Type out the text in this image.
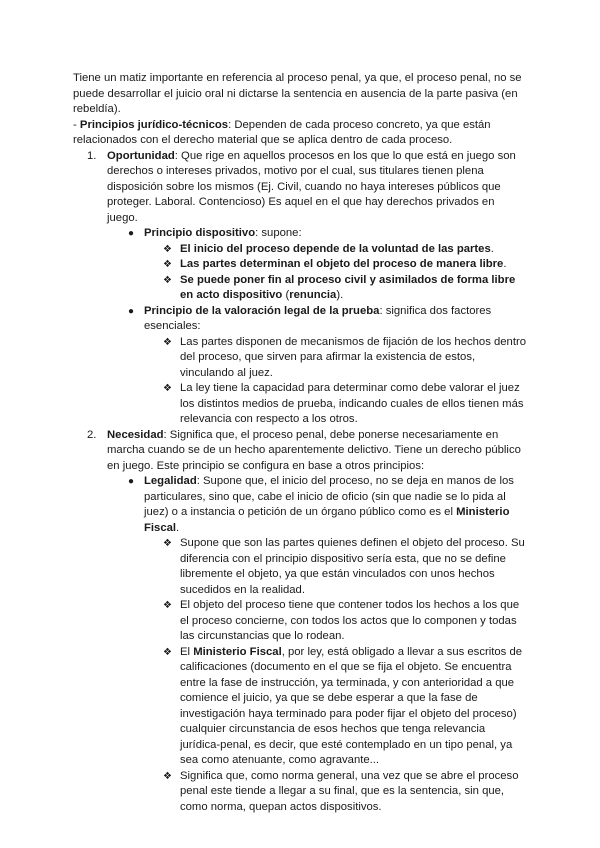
Tiene un matiz importante en referencia al proceso penal, ya que, el proceso penal, no se puede desarrollar el juicio oral ni dictarse la sentencia en ausencia de la parte pasiva (en rebeldía).

- Principios jurídico-técnicos: Dependen de cada proceso concreto, ya que están relacionados con el derecho material que se aplica dentro de cada proceso.

1. Oportunidad: Que rige en aquellos procesos en los que lo que está en juego son derechos o intereses privados, motivo por el cual, sus titulares tienen plena disposición sobre los mismos (Ej. Civil, cuando no haya intereses públicos que proteger. Laboral. Contencioso) Es aquel en el que hay derechos privados en juego.

● Principio dispositivo: supone:

❖ El inicio del proceso depende de la voluntad de las partes.

❖ Las partes determinan el objeto del proceso de manera libre.

❖ Se puede poner fin al proceso civil y asimilados de forma libre en acto dispositivo (renuncia).

● Principio de la valoración legal de la prueba: significa dos factores esenciales:

❖ Las partes disponen de mecanismos de fijación de los hechos dentro del proceso, que sirven para afirmar la existencia de estos, vinculando al juez.

❖ La ley tiene la capacidad para determinar como debe valorar el juez los distintos medios de prueba, indicando cuales de ellos tienen más relevancia con respecto a los otros.

2. Necesidad: Significa que, el proceso penal, debe ponerse necesariamente en marcha cuando se de un hecho aparentemente delictivo. Tiene un derecho público en juego. Este principio se configura en base a otros principios:

● Legalidad: Supone que, el inicio del proceso, no se deja en manos de los particulares, sino que, cabe el inicio de oficio (sin que nadie se lo pida al juez) o a instancia o petición de un órgano público como es el Ministerio Fiscal.

❖ Supone que son las partes quienes definen el objeto del proceso. Su diferencia con el principio dispositivo sería esta, que no se define libremente el objeto, ya que están vinculados con unos hechos sucedidos en la realidad.

❖ El objeto del proceso tiene que contener todos los hechos a los que el proceso concierne, con todos los actos que lo componen y todas las circunstancias que lo rodean.

❖ El Ministerio Fiscal, por ley, está obligado a llevar a sus escritos de calificaciones (documento en el que se fija el objeto. Se encuentra entre la fase de instrucción, ya terminada, y con anterioridad a que comience el juicio, ya que se debe esperar a que la fase de investigación haya terminado para poder fijar el objeto del proceso) cualquier circunstancia de esos hechos que tenga relevancia jurídica-penal, es decir, que esté contemplado en un tipo penal, ya sea como atenuante, como agravante...

❖ Significa que, como norma general, una vez que se abre el proceso penal este tiende a llegar a su final, que es la sentencia, sin que, como norma, quepan actos dispositivos.
